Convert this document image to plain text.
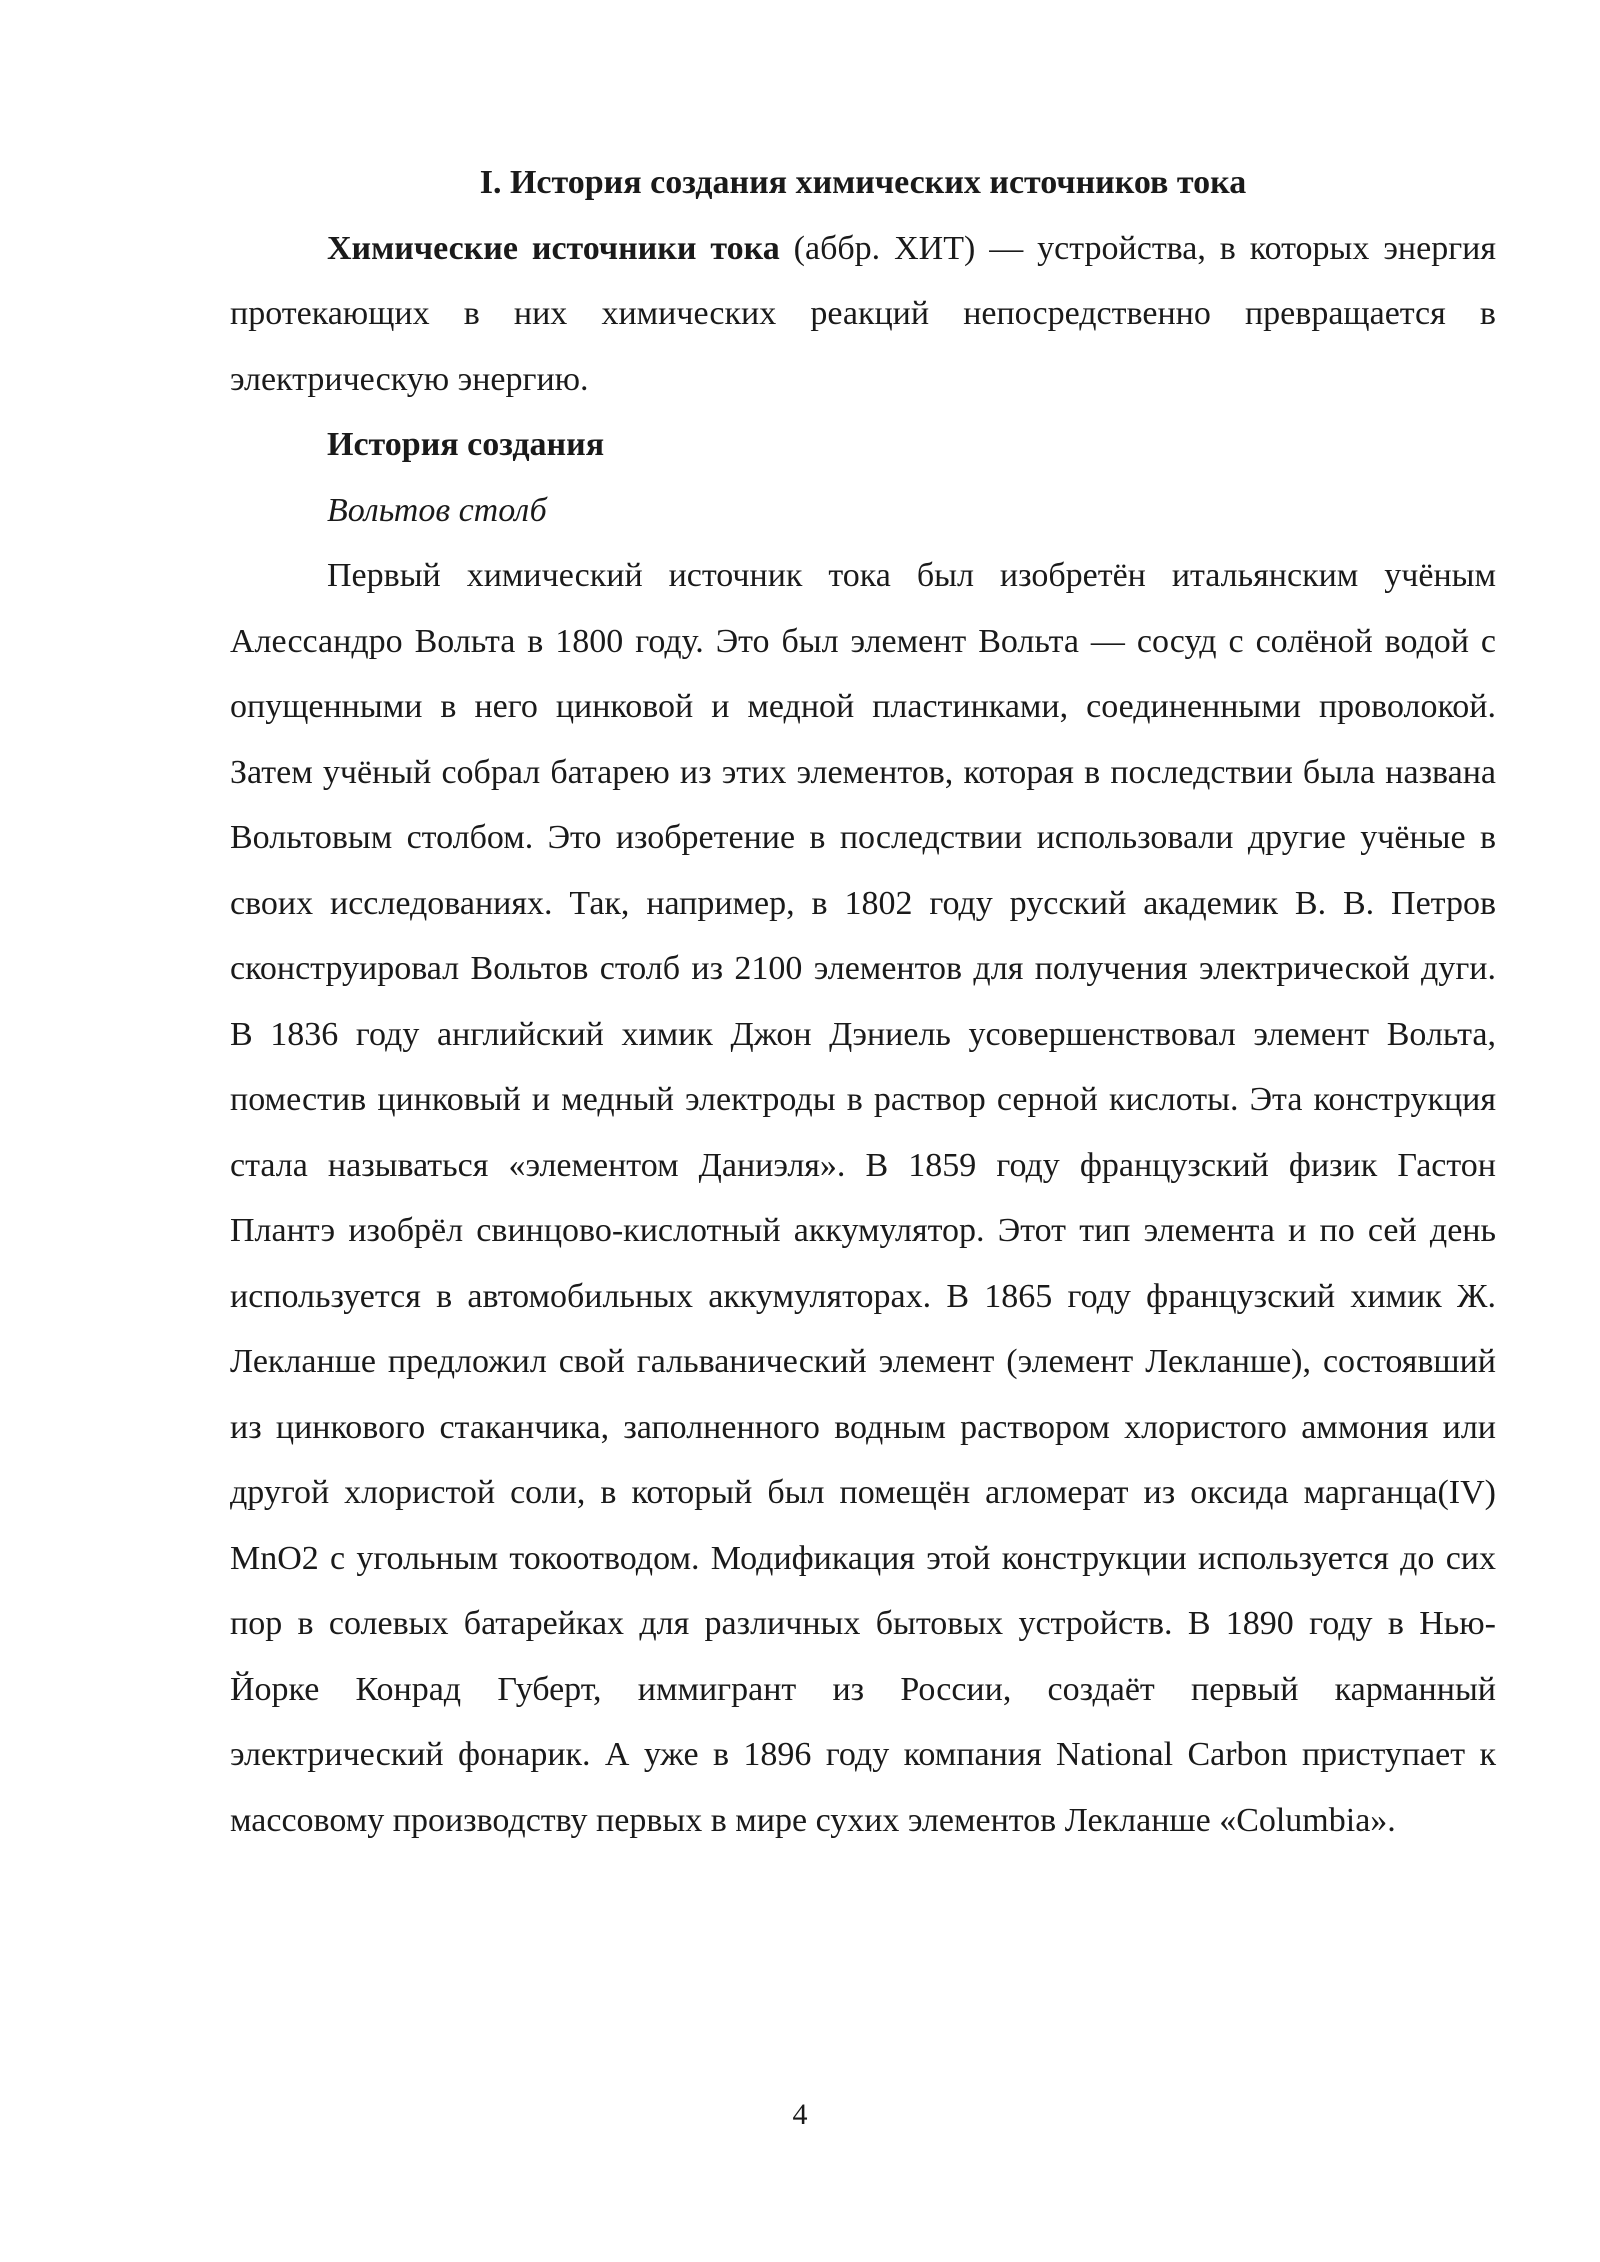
I. История создания химических источников тока

Химические источники тока (аббр. ХИТ) — устройства, в которых энергия протекающих в них химических реакций непосредственно превращается в электрическую энергию.

История создания

Вольтов столб

Первый химический источник тока был изобретён итальянским учёным Алессандро Вольта в 1800 году. Это был элемент Вольта — сосуд с солёной водой с опущенными в него цинковой и медной пластинками, соединенными проволокой. Затем учёный собрал батарею из этих элементов, которая в последствии была названа Вольтовым столбом. Это изобретение в последствии использовали другие учёные в своих исследованиях. Так, например, в 1802 году русский академик В. В. Петров сконструировал Вольтов столб из 2100 элементов для получения электрической дуги. В 1836 году английский химик Джон Дэниель усовершенствовал элемент Вольта, поместив цинковый и медный электроды в раствор серной кислоты. Эта конструкция стала называться «элементом Даниэля». В 1859 году французский физик Гастон Плантэ изобрёл свинцово-кислотный аккумулятор. Этот тип элемента и по сей день используется в автомобильных аккумуляторах. В 1865 году французский химик Ж. Лекланше предложил свой гальванический элемент (элемент Лекланше), состоявший из цинкового стаканчика, заполненного водным раствором хлористого аммония или другой хлористой соли, в который был помещён агломерат из оксида марганца(IV) MnO2 с угольным токоотводом. Модификация этой конструкции используется до сих пор в солевых батарейках для различных бытовых устройств. В 1890 году в Нью-Йорке Конрад Губерт, иммигрант из России, создаёт первый карманный электрический фонарик. А уже в 1896 году компания National Carbon приступает к массовому производству первых в мире сухих элементов Лекланше «Columbia».

4
